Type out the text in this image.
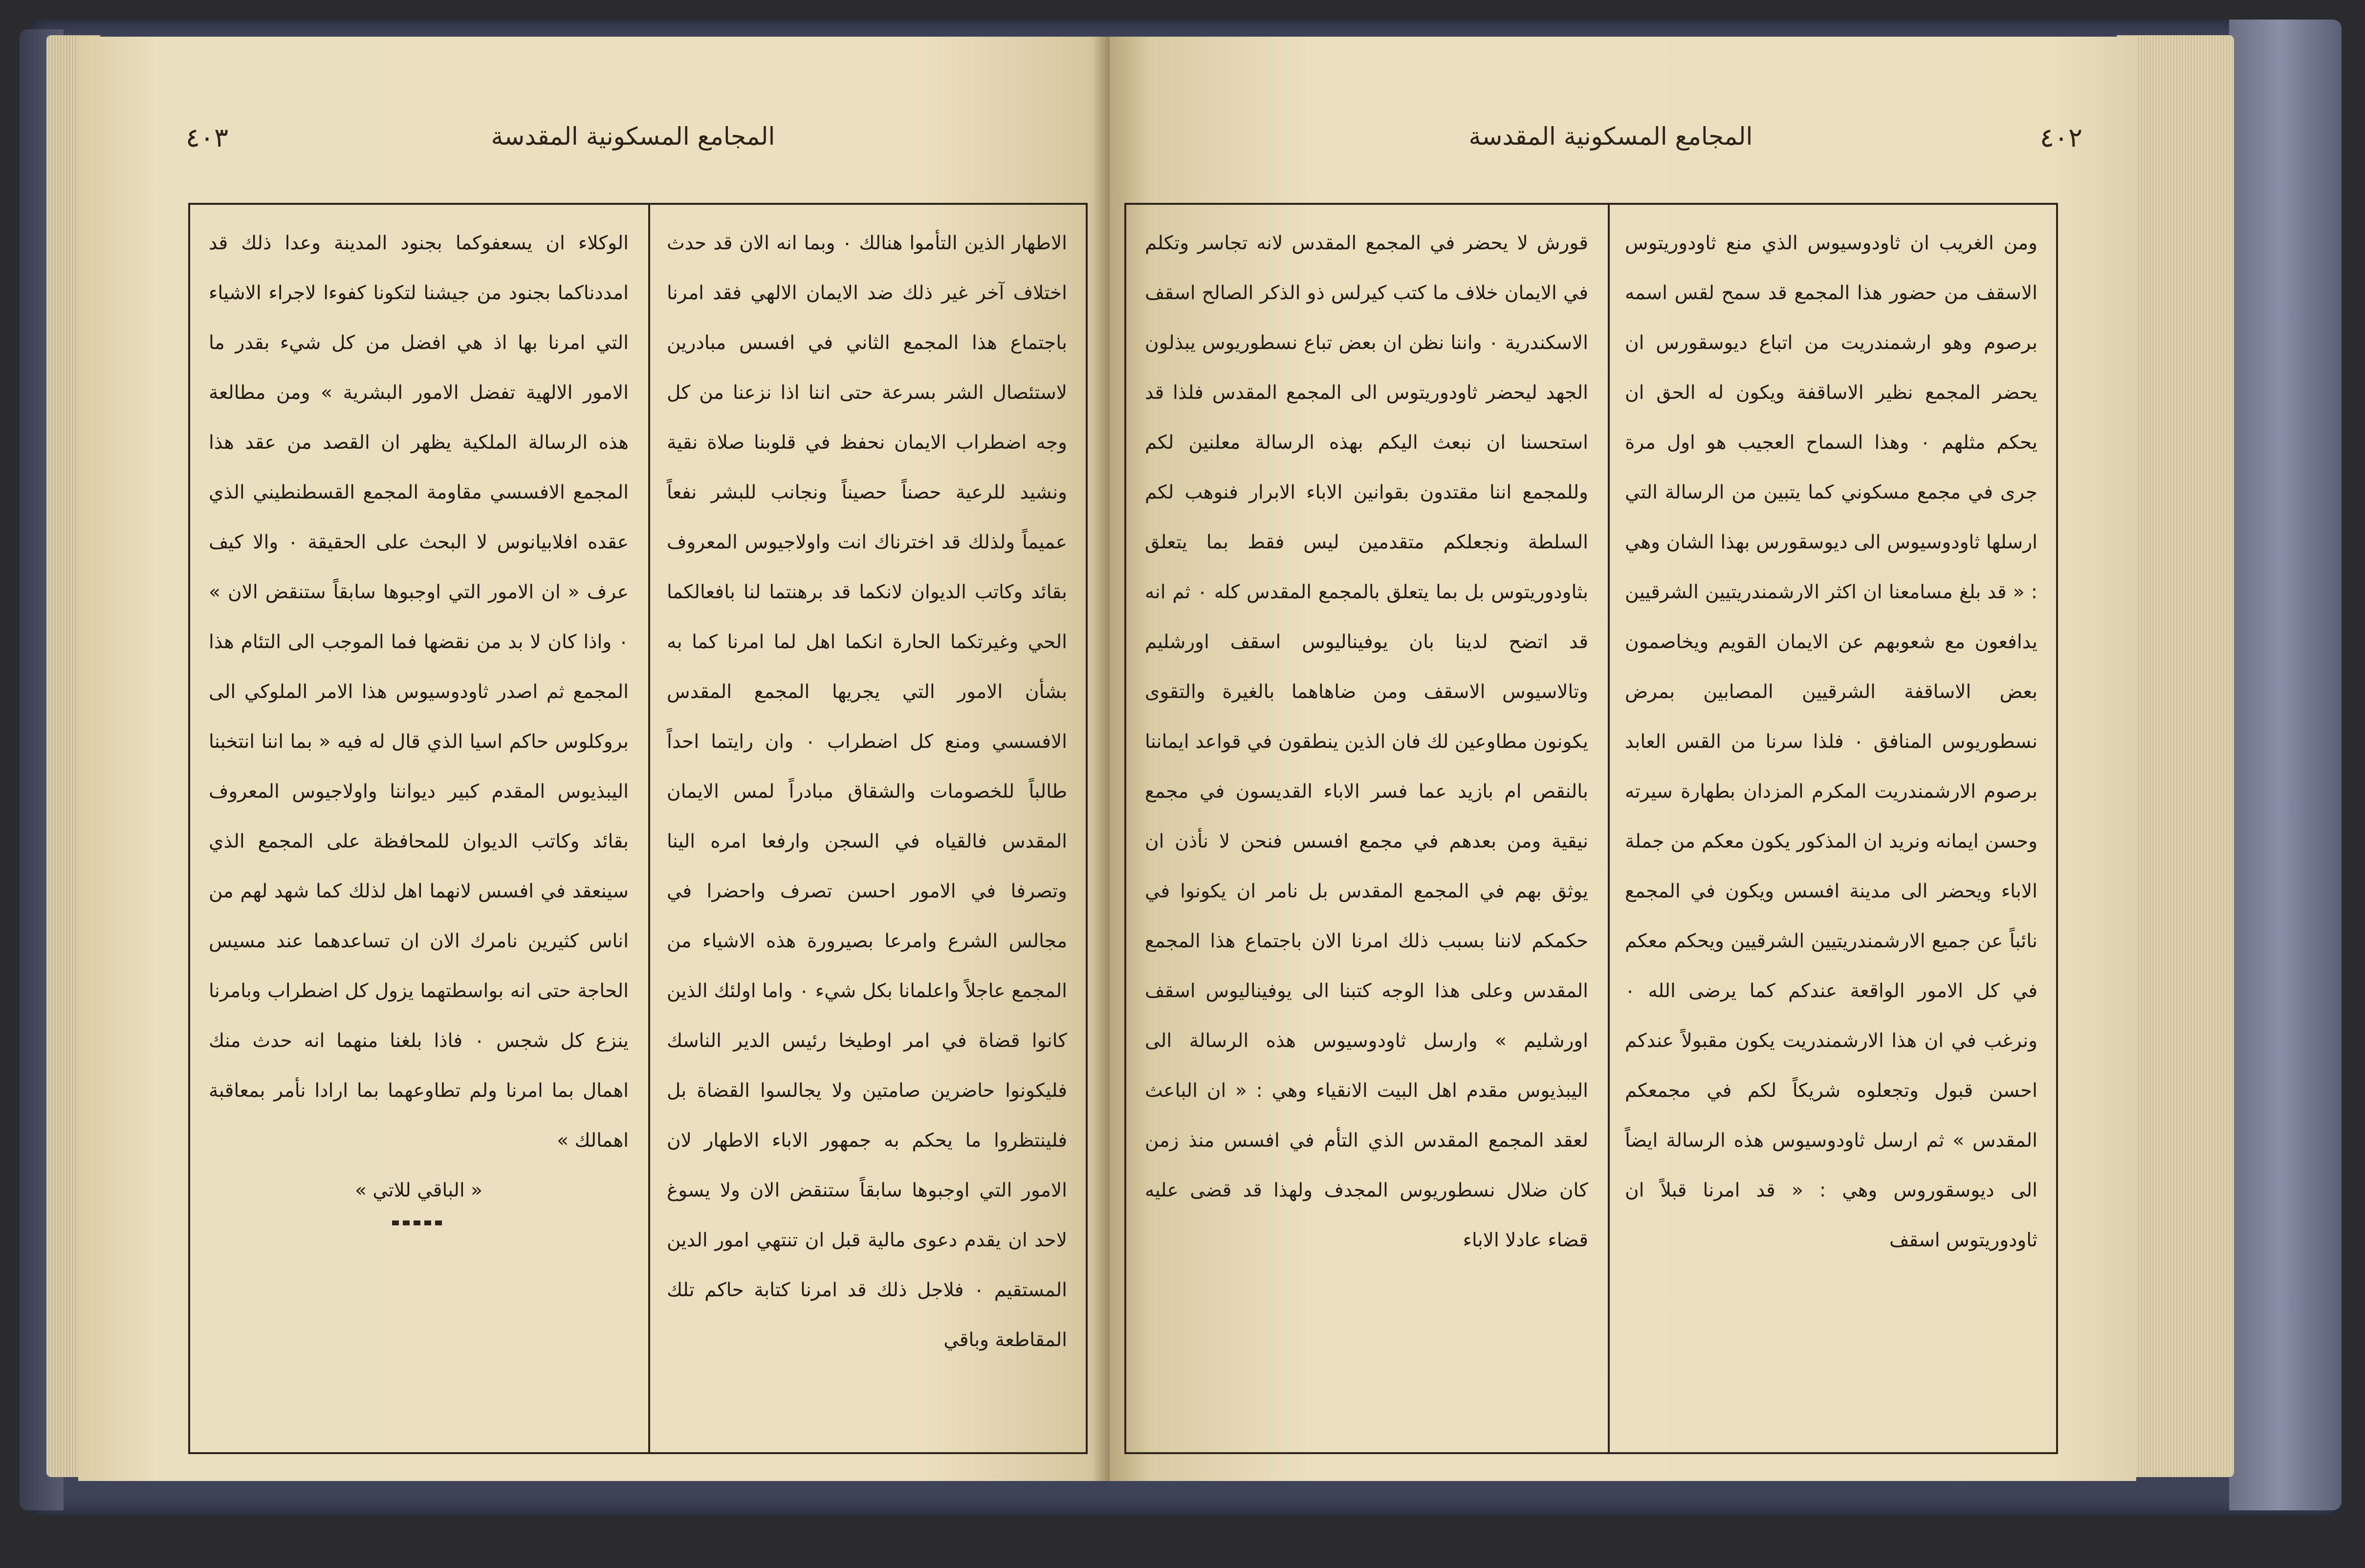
المجامع المسكونية المقدسة
٤٠٣

الاطهار الذين التأموا هنالك ٠ وبما انه الان قد حدث اختلاف آخر غير ذلك ضد الايمان الالهي فقد امرنا باجتماع هذا المجمع الثاني في افسس مبادرين لاستئصال الشر بسرعة حتى اننا اذا نزعنا من كل وجه اضطراب الايمان نحفظ في قلوبنا صلاة نقية ونشيد للرعية حصناً حصيناً ونجانب للبشر نفعاً عميماً ولذلك قد اخترناك انت واولاجيوس المعروف بقائد وكاتب الديوان لانكما قد برهنتما لنا بافعالكما الحي وغيرتكما الحارة انكما اهل لما امرنا كما به بشأن الامور التي يجريها المجمع المقدس الافسسي ومنع كل اضطراب ٠ وان رايتما احداً طالباً للخصومات والشقاق مبادراً لمس الايمان المقدس فالقياه في السجن وارفعا امره الينا وتصرفا في الامور احسن تصرف واحضرا في مجالس الشرع وامرعا بصيرورة هذه الاشياء من المجمع عاجلاً واعلمانا بكل شيء ٠ واما اولئك الذين كانوا قضاة في امر اوطيخا رئيس الدير الناسك فليكونوا حاضرين صامتين ولا يجالسوا القضاة بل فلينتظروا ما يحكم به جمهور الاباء الاطهار لان الامور التي اوجبوها سابقاً ستنقض الان ولا يسوغ لاحد ان يقدم دعوى مالية قبل ان تنتهي امور الدين المستقيم ٠ فلاجل ذلك قد امرنا كتابة حاكم تلك المقاطعة وباقي

الوكلاء ان يسعفوكما بجنود المدينة وعدا ذلك قد امددناكما بجنود من جيشنا لتكونا كفوءا لاجراء الاشياء التي امرنا بها اذ هي افضل من كل شيء بقدر ما الامور الالهية تفضل الامور البشرية » ومن مطالعة هذه الرسالة الملكية يظهر ان القصد من عقد هذا المجمع الافسسي مقاومة المجمع القسطنطيني الذي عقده افلابيانوس لا البحث على الحقيقة ٠ والا كيف عرف « ان الامور التي اوجبوها سابقاً ستنقض الان » ٠ واذا كان لا بد من نقضها فما الموجب الى التئام هذا المجمع ثم اصدر ثاودوسيوس هذا الامر الملوكي الى بروكلوس حاكم اسيا الذي قال له فيه « بما اننا انتخبنا اليبذيوس المقدم كبير ديواننا واولاجيوس المعروف بقائد وكاتب الديوان للمحافظة على المجمع الذي سينعقد في افسس لانهما اهل لذلك كما شهد لهم من اناس كثيرين نامرك الان ان تساعدهما عند مسيس الحاجة حتى انه بواسطتهما يزول كل اضطراب وبامرنا ينزع كل شجس ٠ فاذا بلغنا منهما انه حدث منك اهمال بما امرنا ولم تطاوعهما بما ارادا نأمر بمعاقبة اهمالك »

« الباقي للاتي »

المجامع المسكونية المقدسة	٤٠٢

ومن الغريب ان ثاودوسيوس الذي منع ثاودوريتوس الاسقف من حضور هذا المجمع قد سمح لقس اسمه برصوم وهو ارشمندريت من اتباع ديوسقورس ان يحضر المجمع نظير الاساقفة ويكون له الحق ان يحكم مثلهم ٠ وهذا السماح العجيب هو اول مرة جرى في مجمع مسكوني كما يتبين من الرسالة التي ارسلها ثاودوسيوس الى ديوسقورس بهذا الشان وهي : « قد بلغ مسامعنا ان اكثر الارشمندريتيين الشرقيين يدافعون مع شعوبهم عن الايمان القويم ويخاصمون بعض الاساقفة الشرقيين المصابين بمرض نسطوريوس المنافق ٠ فلذا سرنا من القس العابد برصوم الارشمندريت المكرم المزدان بطهارة سيرته وحسن ايمانه ونريد ان المذكور يكون معكم من جملة الاباء ويحضر الى مدينة افسس ويكون في المجمع نائباً عن جميع الارشمندريتيين الشرقيين ويحكم معكم في كل الامور الواقعة عندكم كما يرضى الله ٠ ونرغب في ان هذا الارشمندريت يكون مقبولاً عندكم احسن قبول وتجعلوه شريكاً لكم في مجمعكم المقدس » ثم ارسل ثاودوسيوس هذه الرسالة ايضاً الى ديوسقوروس وهي : « قد امرنا قبلاً ان ثاودوريتوس اسقف

قورش لا يحضر في المجمع المقدس لانه تجاسر وتكلم في الايمان خلاف ما كتب كيرلس ذو الذكر الصالح اسقف الاسكندرية ٠ واننا نظن ان بعض تباع نسطوريوس يبذلون الجهد ليحضر ثاودوريتوس الى المجمع المقدس فلذا قد استحسنا ان نبعث اليكم بهذه الرسالة معلنين لكم وللمجمع اننا مقتدون بقوانين الاباء الابرار فنوهب لكم السلطة ونجعلكم متقدمين ليس فقط بما يتعلق بثاودوريتوس بل بما يتعلق بالمجمع المقدس كله ٠ ثم انه قد اتضح لدينا بان يوفيناليوس اسقف اورشليم وتالاسيوس الاسقف ومن ضاهاهما بالغيرة والتقوى يكونون مطاوعين لك فان الذين ينطقون في قواعد ايماننا بالنقص ام بازيد عما فسر الاباء القديسون في مجمع نيقية ومن بعدهم في مجمع افسس فنحن لا نأذن ان يوثق بهم في المجمع المقدس بل نامر ان يكونوا في حكمكم لاننا بسبب ذلك امرنا الان باجتماع هذا المجمع المقدس وعلى هذا الوجه كتبنا الى يوفيناليوس اسقف اورشليم » وارسل ثاودوسيوس هذه الرسالة الى اليبذيوس مقدم اهل البيت الانقياء وهي : « ان الباعث لعقد المجمع المقدس الذي التأم في افسس منذ زمن كان ضلال نسطوريوس المجدف ولهذا قد قضى عليه قضاء عادلا الاباء
